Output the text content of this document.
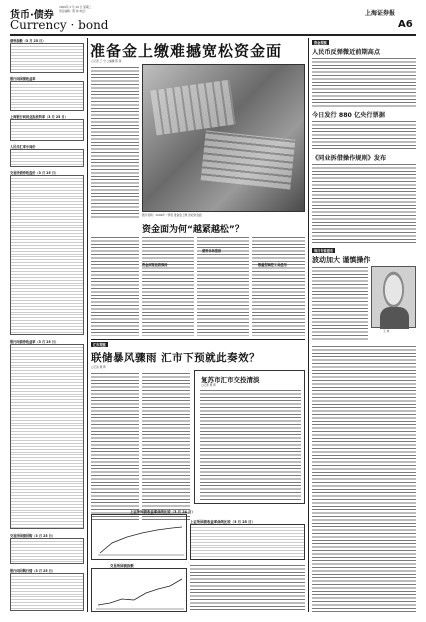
货币·债券
2009年 3 月 26 日 星期二
责任编辑：陈 铮 电话：
Currency · bond
上海证券报
A6
债券指数（3 月 25 日）
银行间国债收益率
上海银行间同业拆放利率（3 月 25 日）
人民币汇率中间价
交易所债券收盘价（3 月 25 日）
银行间债券收益率（3 月 25 日）
交易所国债回购（3 月 25 日）
银行间回购行情（3 月 25 日）
准备金上缴难撼宽松资金面
○记者 丁 宁 ○编辑 陈 铮
图片说明：2009年一季度 准备金上缴 宽松资金面
资金面为何“越紧越松”？
资金面宽松将维持
债券市场宽裕
数量型调控工具使用
汇市观察
联储暴风骤雨 汇市下预就此奏效？
○记者 周 辉
复苏市汇市交投清淡
○记者 周 辉
上证所国债收益率曲线比较（3 月 24 日）
上证所国债收益率曲线比较（3 月 25 日）
交易所国债指数
资金观察
人民币反弹微近前期高点
今日发行 880 亿央行票据
《同业拆借操作规则》发布
每日专家看市
波动加大 谨慎操作
王 林
